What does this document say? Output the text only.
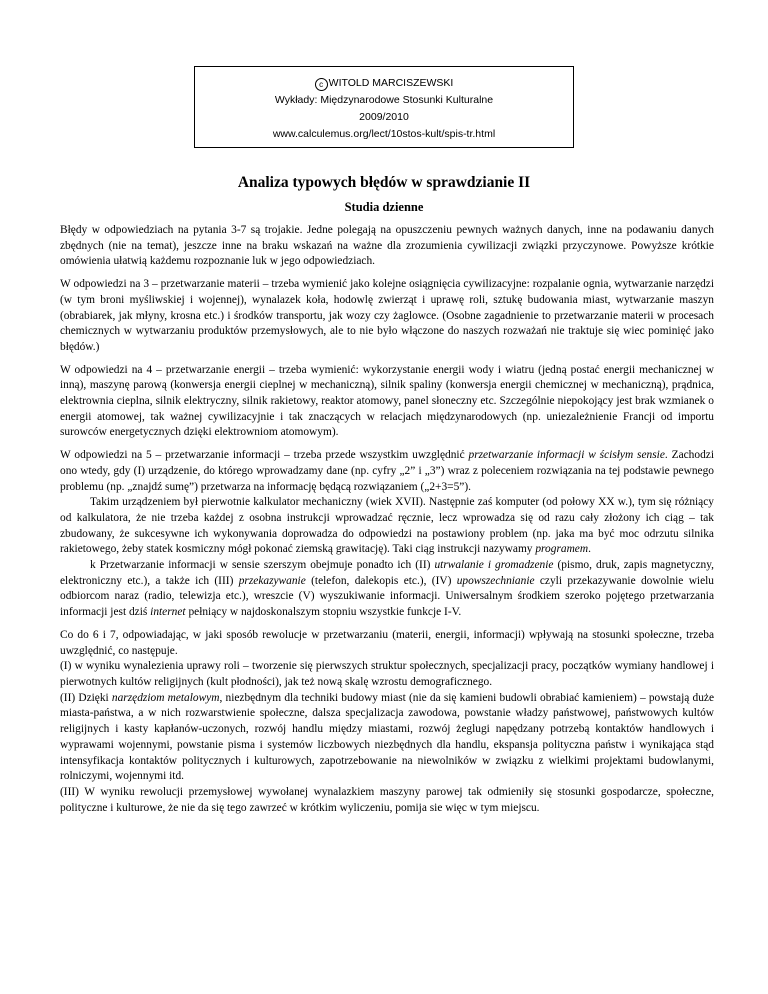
c WITOLD MARCISZEWSKI
Wykłady: Międzynarodowe Stosunki Kulturalne
2009/2010
www.calculemus.org/lect/10stos-kult/spis-tr.html
Analiza typowych błędów w sprawdzianie II
Studia dzienne

Błędy w odpowiedziach na pytania 3-7 są trojakie. Jedne polegają na opuszczeniu pewnych ważnych danych, inne na podawaniu danych zbędnych (nie na temat), jeszcze inne na braku wskazań na ważne dla zrozumienia cywilizacji związki przyczynowe. Powyższe krótkie omówienia ułatwią każdemu rozpoznanie luk w jego odpowiedziach.

W odpowiedzi na 3 – przetwarzanie materii – trzeba wymienić jako kolejne osiągnięcia cywilizacyjne: rozpalanie ognia, wytwarzanie narzędzi (w tym broni myśliwskiej i wojennej), wynalazek koła, hodowlę zwierząt i uprawę roli, sztukę budowania miast, wytwarzanie maszyn (obrabiarek, jak młyny, krosna etc.) i środków transportu, jak wozy czy żaglowce. (Osobne zagadnienie to przetwarzanie materii w procesach chemicznych w wytwarzaniu produktów przemysłowych, ale to nie było włączone do naszych rozważań nie traktuje się wiec pominięć jako błędów.)

W odpowiedzi na 4 – przetwarzanie energii – trzeba wymienić: wykorzystanie energii wody i wiatru (jedną postać energii mechanicznej w inną), maszynę parową (konwersja energii cieplnej w mechaniczną), silnik spaliny (konwersja energii chemicznej w mechaniczną), prądnica, elektrownia cieplna, silnik elektryczny, silnik rakietowy, reaktor atomowy, panel słoneczny etc. Szczególnie niepokojący jest brak wzmianek o energii atomowej, tak ważnej cywilizacyjnie i tak znaczących w relacjach międzynarodowych (np. uniezależnienie Francji od importu surowców energetycznych dzięki elektrowniom atomowym).

W odpowiedzi na 5 – przetwarzanie informacji – trzeba przede wszystkim uwzględnić przetwarzanie informacji w ścisłym sensie. Zachodzi ono wtedy, gdy (I) urządzenie, do którego wprowadzamy dane (np. cyfry „2” i „3”) wraz z poleceniem rozwiązania na tej podstawie pewnego problemu (np. „znajdź sumę”) przetwarza na informację będącą rozwiązaniem („2+3=5”).

Takim urządzeniem był pierwotnie kalkulator mechaniczny (wiek XVII). Następnie zaś komputer (od połowy XX w.), tym się różniący od kalkulatora, że nie trzeba każdej z osobna instrukcji wprowadzać ręcznie, lecz wprowadza się od razu cały złożony ich ciąg – tak zbudowany, że sukcesywne ich wykonywania doprowadza do odpowiedzi na postawiony problem (np. jaka ma być moc odrzutu silnika rakietowego, żeby statek kosmiczny mógł pokonać ziemską grawitację). Taki ciąg instrukcji nazywamy programem.

k Przetwarzanie informacji w sensie szerszym obejmuje ponadto ich (II) utrwalanie i gromadzenie (pismo, druk, zapis magnetyczny, elektroniczny etc.), a także ich (III) przekazywanie (telefon, dalekopis etc.), (IV) upowszechnianie czyli przekazywanie dowolnie wielu odbiorcom naraz (radio, telewizja etc.), wreszcie (V) wyszukiwanie informacji. Uniwersalnym środkiem szeroko pojętego przetwarzania informacji jest dziś internet pełniący w najdoskonalszym stopniu wszystkie funkcje I-V.

Co do 6 i 7, odpowiadając, w jaki sposób rewolucje w przetwarzaniu (materii, energii, informacji) wpływają na stosunki społeczne, trzeba uwzględnić, co następuje.

(I) w wyniku wynalezienia uprawy roli – tworzenie się pierwszych struktur społecznych, specjalizacji pracy, początków wymiany handlowej i pierwotnych kultów religijnych (kult płodności), jak też nową skalę wzrostu demograficznego.

(II) Dzięki narzędziom metalowym, niezbędnym dla techniki budowy miast (nie da się kamieni budowli obrabiać kamieniem) – powstają duże miasta-państwa, a w nich rozwarstwienie społeczne, dalsza specjalizacja zawodowa, powstanie władzy państwowej, państwowych kultów religijnych i kasty kapłanów-uczonych, rozwój handlu między miastami, rozwój żeglugi napędzany potrzebą kontaktów handlowych i wyprawami wojennymi, powstanie pisma i systemów liczbowych niezbędnych dla handlu, ekspansja polityczna państw i wynikająca stąd intensyfikacja kontaktów politycznych i kulturowych, zapotrzebowanie na niewolników w związku z wielkimi projektami budowlanymi, rolniczymi, wojennymi itd.

(III) W wyniku rewolucji przemysłowej wywołanej wynalazkiem maszyny parowej tak odmieniły się stosunki gospodarcze, społeczne, polityczne i kulturowe, że nie da się tego zawrzeć w krótkim wyliczeniu, pomija sie więc w tym miejscu.
